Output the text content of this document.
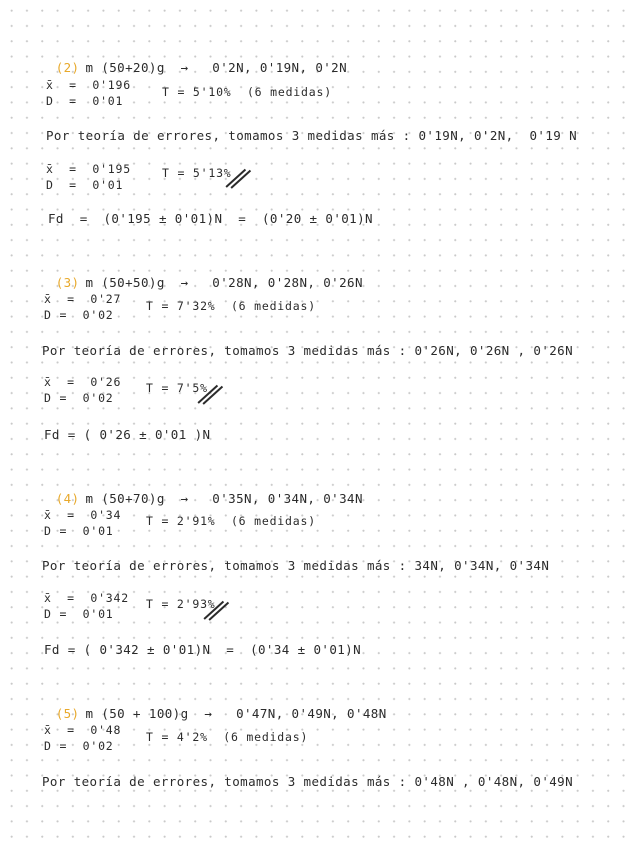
(2) m (50+20)g  →   0'2N, 0'19N, 0'2N

x̄  =  0'196
D  =  0'01
T = 5'10%  (6 medidas)
Por teoría de errores, tomamos 3 medidas más : 0'19N, 0'2N,  0'19 N
x̄  =  0'195
D  =  0'01
T = 5'13%
Fd  =  (0'195 ± 0'01)N  =  (0'20 ± 0'01)N

(3) m (50+50)g  →   0'28N, 0'28N, 0'26N

x̄  =  0'27
D =  0'02
T = 7'32%  (6 medidas)
Por teoría de errores, tomamos 3 medidas más : 0'26N, 0'26N , 0'26N
x̄  =  0'26
D =  0'02
T = 7'5%
Fd = ( 0'26 ± 0'01 )N

(4) m (50+70)g  →   0'35N, 0'34N, 0'34N

x̄  =  0'34
D =  0'01
T = 2'91%  (6 medidas)
Por teoría de errores, tomamos 3 medidas más : 34N, 0'34N, 0'34N
x̄  =  0'342
D =  0'01
T = 2'93%
Fd = ( 0'342 ± 0'01)N  =  (0'34 ± 0'01)N

(5) m (50 + 100)g  →   0'47N, 0'49N, 0'48N

x̄  =  0'48
D =  0'02
T = 4'2%  (6 medidas)
Por teoría de errores, tomamos 3 medidas más : 0'48N , 0'48N, 0'49N
